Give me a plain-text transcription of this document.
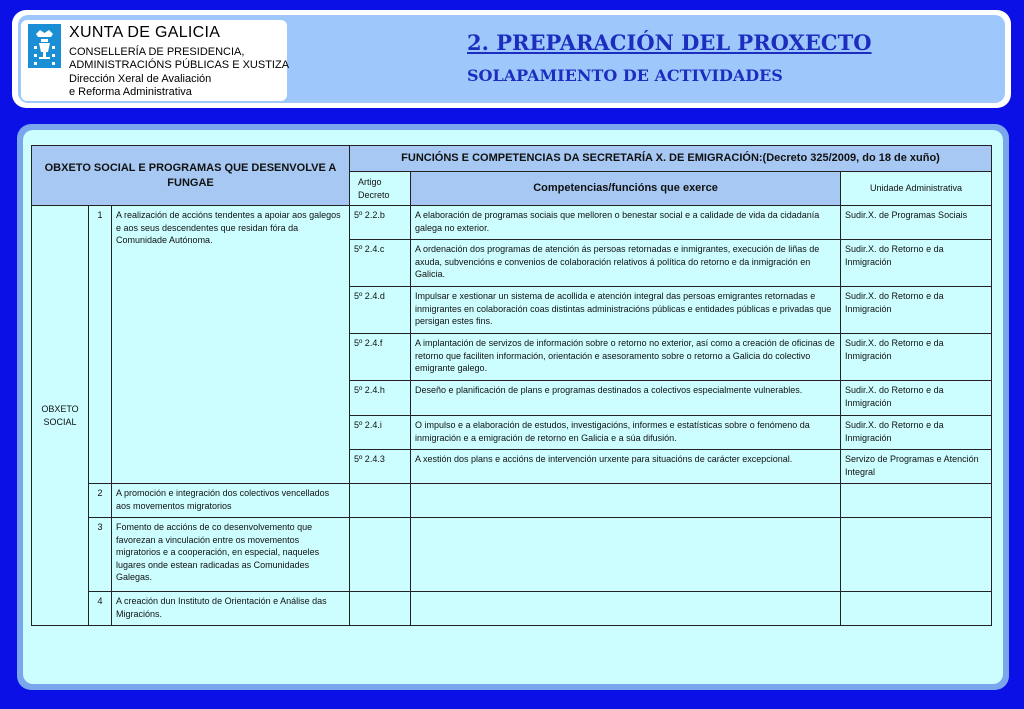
XUNTA DE GALICIA
CONSELLERÍA DE PRESIDENCIA,
ADMINISTRACIÓNS PÚBLICAS E XUSTIZA
Dirección Xeral de Avaliación
e Reforma Administrativa
2. PREPARACIÓN DEL PROXECTO
SOLAPAMIENTO DE ACTIVIDADES
OBXETO SOCIAL E PROGRAMAS QUE DESENVOLVE A FUNGAE			FUNCIÓNS E COMPETENCIAS DA SECRETARÍA X. DE EMIGRACIÓN:(Decreto 325/2009, do 18 de xuño)		
			Artigo Decreto	Competencias/funcións que exerce	Unidade Administrativa
OBXETO SOCIAL	1	A realización de accións tendentes a apoiar aos galegos e aos seus descendentes que residan fóra da Comunidade Autónoma.	5º 2.2.b	A elaboración de programas sociais que melloren o benestar social e a calidade de vida da cidadanía galega no exterior.	Sudir.X. de Programas Sociais
			5º 2.4.c	A ordenación dos programas de atención ás persoas retornadas e inmigrantes, execución de liñas de axuda, subvencións e convenios de colaboración relativos á política do retorno e da inmigración en Galicia.	Sudir.X. do Retorno e da Inmigración
			5º 2.4.d	Impulsar e xestionar un sistema de acollida e atención integral das persoas emigrantes retornadas e inmigrantes en colaboración coas distintas administracións públicas e entidades públicas e privadas que persigan estes fins.	Sudir.X. do Retorno e da Inmigración
			5º 2.4.f	A implantación de servizos de información sobre o retorno no exterior, así como a creación de oficinas de retorno que faciliten información, orientación e asesoramento sobre o retorno a Galicia do colectivo emigrante galego.	Sudir.X. do Retorno e da Inmigración
			5º 2.4.h	Deseño e planificación de plans e programas destinados a colectivos especialmente vulnerables.	Sudir.X. do Retorno e da Inmigración
			5º 2.4.i	O impulso e a elaboración de estudos, investigacións, informes e estatísticas sobre o fenómeno da inmigración e a emigración de retorno en Galicia e a súa difusión.	Sudir.X. do Retorno e da Inmigración
			5º 2.4.3	A xestión dos plans e accións de intervención urxente para situacións de carácter excepcional.	Servizo de Programas e Atención Integral
	2	A promoción e integración dos colectivos vencellados aos movementos migratorios			
	3	Fomento de accións de co desenvolvemento que favorezan a vinculación entre os movementos migratorios e a cooperación, en especial, naqueles lugares onde estean radicadas as Comunidades Galegas.			
	4	A creación dun Instituto de Orientación e Análise das Migracións.			
